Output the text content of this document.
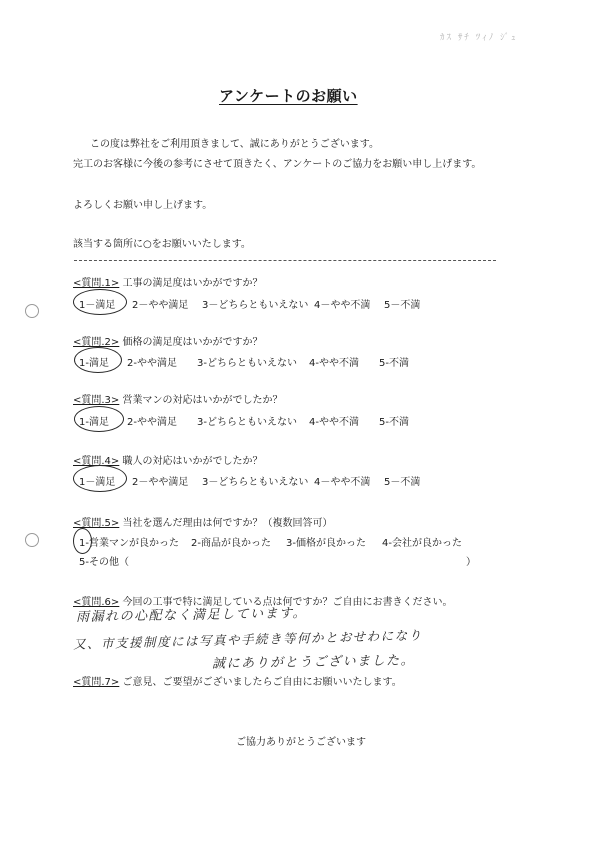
ｶｽ ｻﾁ ﾂｨﾉ ｼﾞｭ
アンケートのお願い
この度は弊社をご利用頂きまして、誠にありがとうございます。
完工のお客様に今後の参考にさせて頂きたく、アンケートのご協力をお願い申し上げます。
よろしくお願い申し上げます。
該当する箇所に○をお願いいたします。
<質問.1> 工事の満足度はいかがですか？
1－満足 2－やや満足 3－どちらともいえない 4－やや不満 5－不満
<質問.2> 価格の満足度はいかがですか？
1-満足 2-やや満足 3-どちらともいえない 4-やや不満 5-不満
<質問.3> 営業マンの対応はいかがでしたか？
1-満足 2-やや満足 3-どちらともいえない 4-やや不満 5-不満
<質問.4> 職人の対応はいかがでしたか？
1－満足 2－やや満足 3－どちらともいえない 4－やや不満 5－不満
<質問.5> 当社を選んだ理由は何ですか？（複数回答可）
1-営業マンが良かった 2-商品が良かった 3-価格が良かった 4-会社が良かった
5-その他（	）
<質問.6> 今回の工事で特に満足している点は何ですか？ご自由にお書きください。
雨漏れの心配なく満足しています。
又、市支援制度には写真や手続き等何かとおせわになり
誠にありがとうございました。
<質問.7> ご意見、ご要望がございましたらご自由にお願いいたします。
ご協力ありがとうございます
